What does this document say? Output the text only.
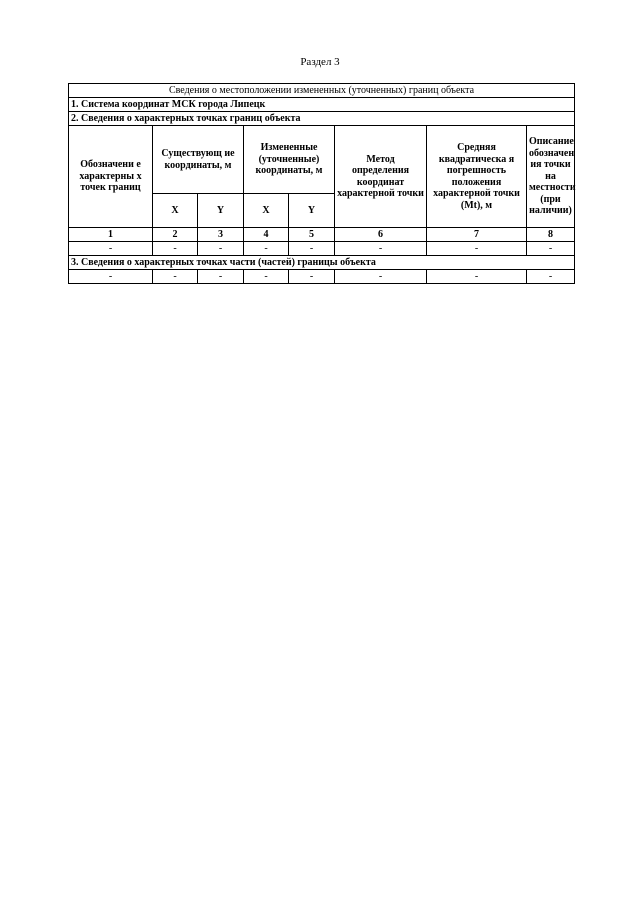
Раздел 3
Сведения о местоположении измененных (уточненных) границ объекта							
1. Система координат МСК города Липецк							
2. Сведения о характерных точках границ объекта							
Обозначени е характерны х точек границ	Существующ ие координаты, м		Измененные (уточненные) координаты, м		Метод определения координат характерной точки	Средняя квадратическа я погрешность положения характерной точки (Mt), м	Описание обозначен ия точки на местности (при наличии)
	X	Y	X	Y			
1	2	3	4	5	6	7	8
-	-	-	-	-	-	-	-
3. Сведения о характерных точках части (частей) границы объекта							
-	-	-	-	-	-	-	-
